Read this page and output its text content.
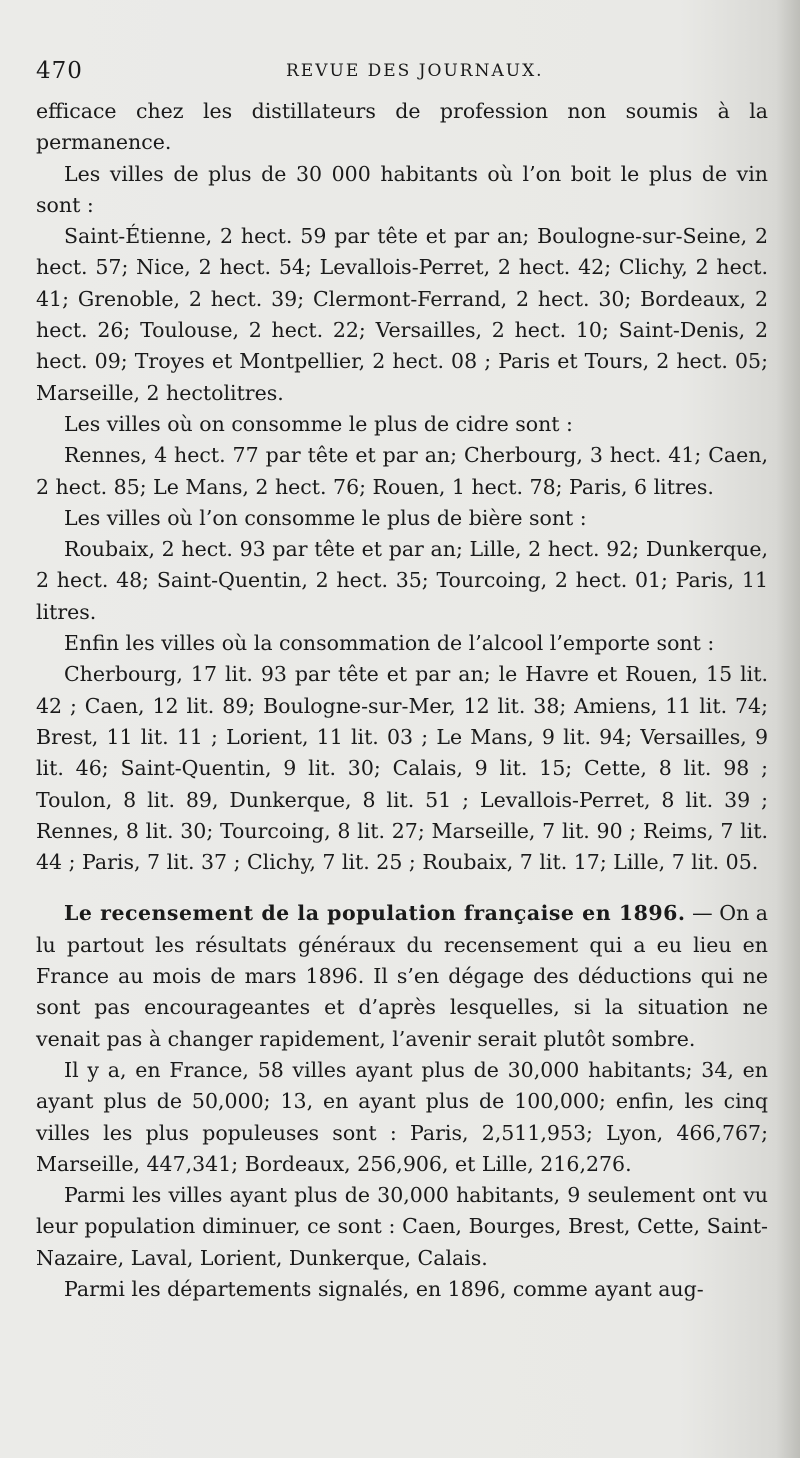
470	REVUE DES JOURNAUX.

efficace chez les distillateurs de profession non soumis à la permanence.

Les villes de plus de 30 000 habitants où l’on boit le plus de vin sont :

Saint-Étienne, 2 hect. 59 par tête et par an; Boulogne-sur-Seine, 2 hect. 57; Nice, 2 hect. 54; Levallois-Perret, 2 hect. 42; Clichy, 2 hect. 41; Grenoble, 2 hect. 39; Clermont-Ferrand, 2 hect. 30; Bordeaux, 2 hect. 26; Toulouse, 2 hect. 22; Versailles, 2 hect. 10; Saint-Denis, 2 hect. 09; Troyes et Montpellier, 2 hect. 08 ; Paris et Tours, 2 hect. 05; Marseille, 2 hectolitres.

Les villes où on consomme le plus de cidre sont :

Rennes, 4 hect. 77 par tête et par an; Cherbourg, 3 hect. 41; Caen, 2 hect. 85; Le Mans, 2 hect. 76; Rouen, 1 hect. 78; Paris, 6 litres.

Les villes où l’on consomme le plus de bière sont :

Roubaix, 2 hect. 93 par tête et par an; Lille, 2 hect. 92; Dunkerque, 2 hect. 48; Saint-Quentin, 2 hect. 35; Tourcoing, 2 hect. 01; Paris, 11 litres.

Enfin les villes où la consommation de l’alcool l’emporte sont :

Cherbourg, 17 lit. 93 par tête et par an; le Havre et Rouen, 15 lit. 42 ; Caen, 12 lit. 89; Boulogne-sur-Mer, 12 lit. 38; Amiens, 11 lit. 74; Brest, 11 lit. 11 ; Lorient, 11 lit. 03 ; Le Mans, 9 lit. 94; Versailles, 9 lit. 46; Saint-Quentin, 9 lit. 30; Calais, 9 lit. 15; Cette, 8 lit. 98 ; Toulon, 8 lit. 89, Dunkerque, 8 lit. 51 ; Levallois-Perret, 8 lit. 39 ; Rennes, 8 lit. 30; Tourcoing, 8 lit. 27; Marseille, 7 lit. 90 ; Reims, 7 lit. 44 ; Paris, 7 lit. 37 ; Clichy, 7 lit. 25 ; Roubaix, 7 lit. 17; Lille, 7 lit. 05.

Le recensement de la population française en 1896. — On a lu partout les résultats généraux du recensement qui a eu lieu en France au mois de mars 1896. Il s’en dégage des déductions qui ne sont pas encourageantes et d’après lesquelles, si la situation ne venait pas à changer rapidement, l’avenir serait plutôt sombre.

Il y a, en France, 58 villes ayant plus de 30,000 habitants; 34, en ayant plus de 50,000; 13, en ayant plus de 100,000; enfin, les cinq villes les plus populeuses sont : Paris, 2,511,953; Lyon, 466,767; Marseille, 447,341; Bordeaux, 256,906, et Lille, 216,276.

Parmi les villes ayant plus de 30,000 habitants, 9 seulement ont vu leur population diminuer, ce sont : Caen, Bourges, Brest, Cette, Saint-Nazaire, Laval, Lorient, Dunkerque, Calais.

Parmi les départements signalés, en 1896, comme ayant aug-
